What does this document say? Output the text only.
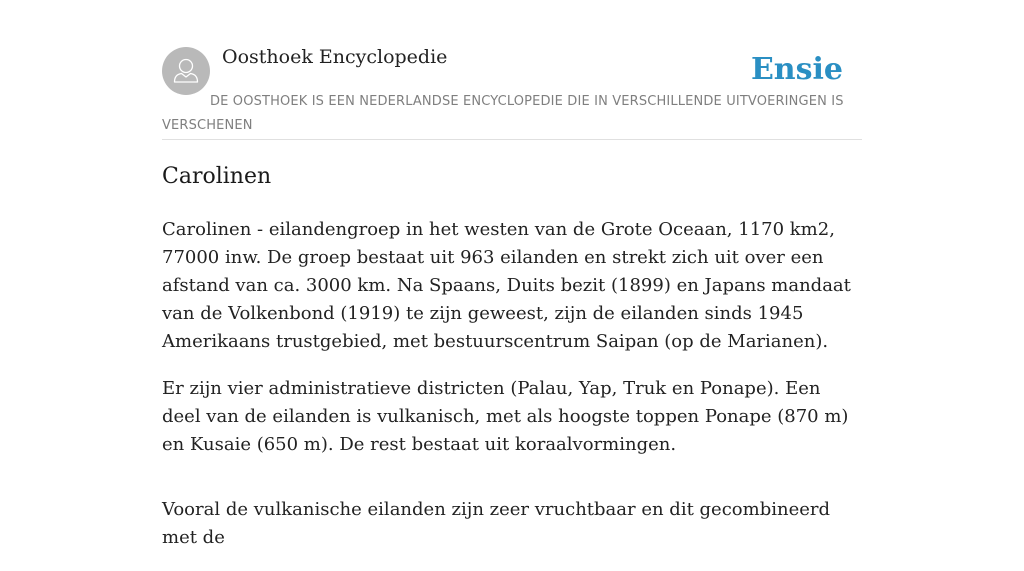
Oosthoek Encyclopedie	Ensie
DE OOSTHOEK IS EEN NEDERLANDSE ENCYCLOPEDIE DIE IN VERSCHILLENDE UITVOERINGEN IS VERSCHENEN
Carolinen

Carolinen - eilandengroep in het westen van de Grote Oceaan, 1170 km2, 77000 inw. De groep bestaat uit 963 eilanden en strekt zich uit over een afstand van ca. 3000 km. Na Spaans, Duits bezit (1899) en Japans mandaat van de Volkenbond (1919) te zijn geweest, zijn de eilanden sinds 1945 Amerikaans trustgebied, met bestuurscentrum Saipan (op de Marianen).

Er zijn vier administratieve districten (Palau, Yap, Truk en Ponape). Een deel van de eilanden is vulkanisch, met als hoogste toppen Ponape (870 m) en Kusaie (650 m). De rest bestaat uit koraalvormingen.

Vooral de vulkanische eilanden zijn zeer vruchtbaar en dit gecombineerd met de
